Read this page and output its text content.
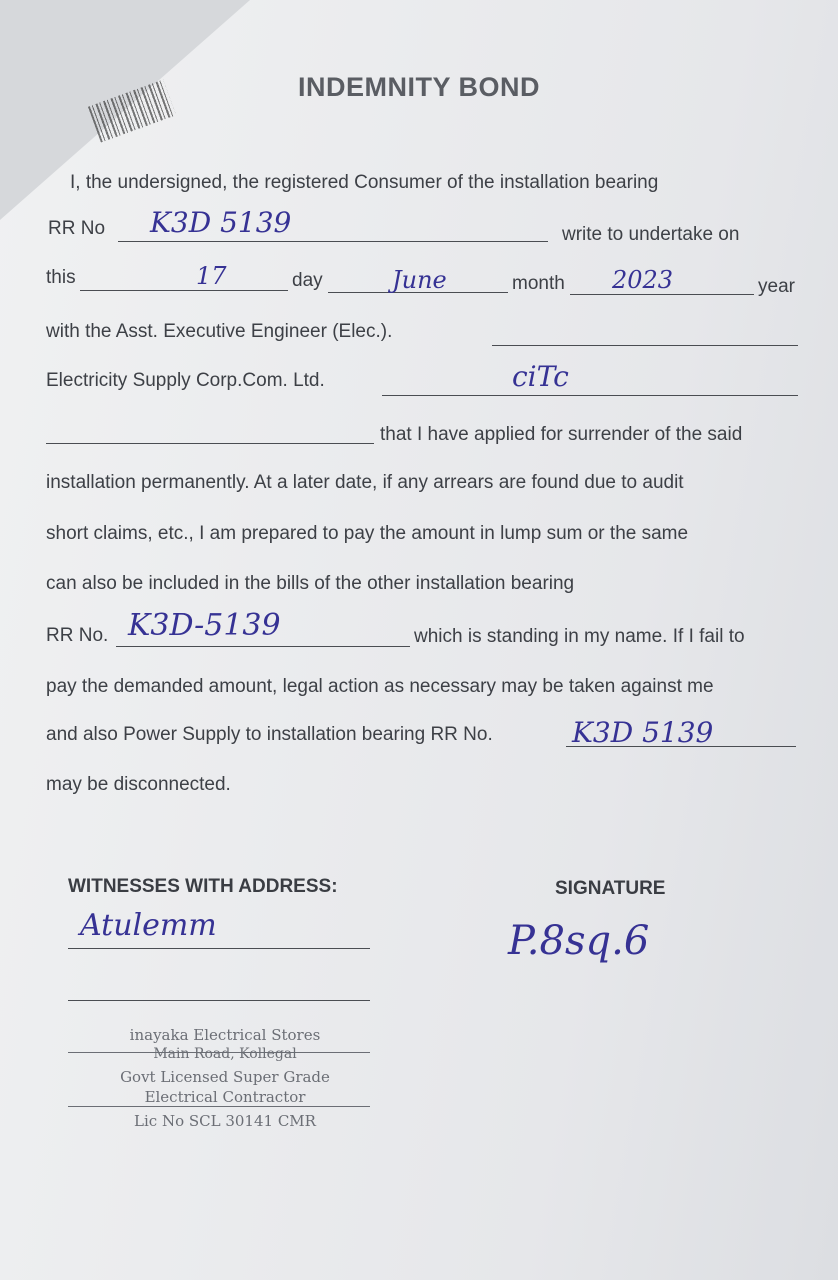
INDEMNITY BOND
I, the undersigned, the registered Consumer of the installation bearing
RR No K3D 5139	write to undertake on
this	17	day	June	month 2023	year
with the Asst. Executive Engineer (Elec.).
Electricity Supply Corp.Com. Ltd.	ciTc
that I have applied for surrender of the said
installation permanently. At a later date, if any arrears are found due to audit
short claims, etc., I am prepared to pay the amount in lump sum or the same
can also be included in the bills of the other installation bearing
RR No. K3D-5139	which is standing in my name. If I fail to
pay the demanded amount, legal action as necessary may be taken against me
and also Power Supply to installation bearing RR No.	K3D 5139
may be disconnected.
WITNESSES WITH ADDRESS:	SIGNATURE
Atulemm	P.8sq.6
inayaka Electrical Stores
Main Road, Kollegal
Govt Licensed Super Grade
Electrical Contractor
Lic No SCL 30141 CMR
